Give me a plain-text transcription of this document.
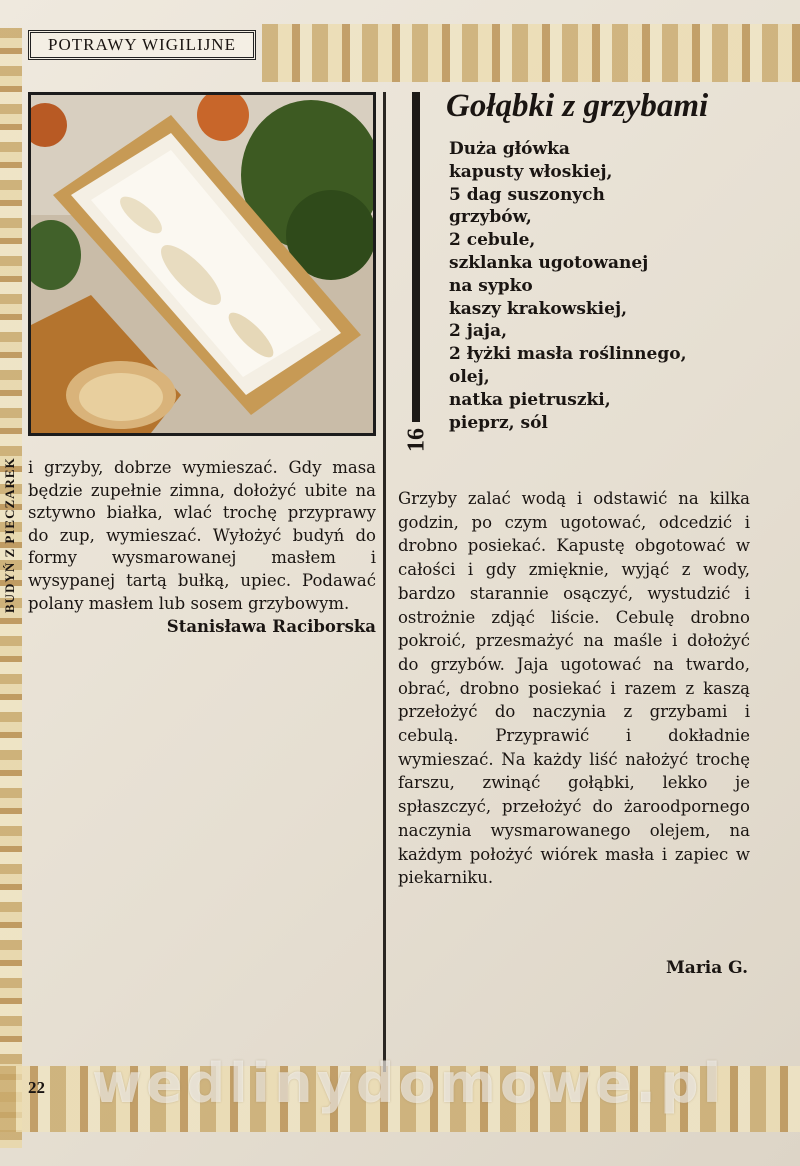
POTRAWY WIGILIJNE
BUDYŃ Z PIECZAREK i grzyby, dobrze wymieszać. Gdy masa będzie zupełnie zimna, dołożyć ubite na sztywno białka, wlać trochę przyprawy do zup, wymieszać. Wyłożyć budyń do formy wysmarowanej masłem i wysypanej tartą bułką, upiec. Podawać polany masłem lub sosem grzybowym.

Stanisława Raciborska
16
Gołąbki z grzybami
Duża główka
kapusty włoskiej,
5 dag suszonych
grzybów,
2 cebule,
szklanka ugotowanej
na sypko
kaszy krakowskiej,
2 jaja,
2 łyżki masła roślinnego,
olej,
natka pietruszki,
pieprz, sól

Grzyby zalać wodą i odstawić na kilka godzin, po czym ugotować, odcedzić i drobno posiekać. Kapustę obgotować w całości i gdy zmięknie, wyjąć z wody, bardzo starannie osączyć, wystudzić i ostrożnie zdjąć liście. Cebulę drobno pokroić, przesmażyć na maśle i dołożyć do grzybów. Jaja ugotować na twardo, obrać, drobno posiekać i razem z kaszą przełożyć do naczynia z grzybami i cebulą. Przyprawić i dokładnie wymieszać. Na każdy liść nałożyć trochę farszu, zwinąć gołąbki, lekko je spłaszczyć, przełożyć do żaroodpornego naczynia wysmarowanego olejem, na każdym położyć wiórek masła i zapiec w piekarniku.

Maria G.
22 wedlinydomowe.pl
